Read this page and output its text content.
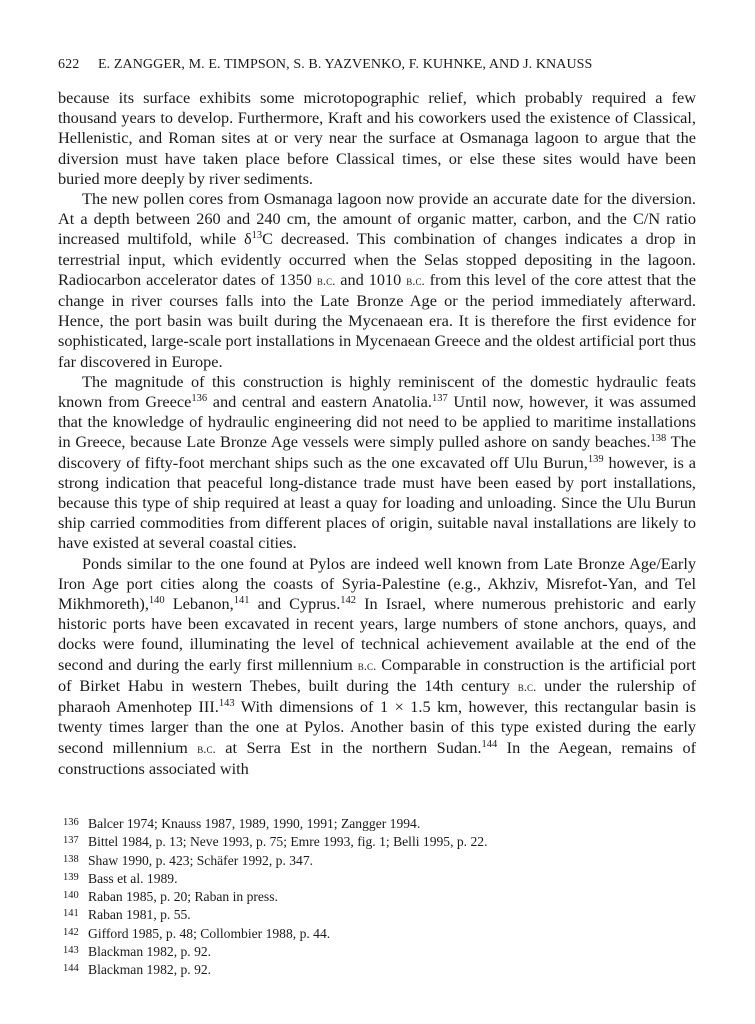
622 E. ZANGGER, M. E. TIMPSON, S. B. YAZVENKO, F. KUHNKE, AND J. KNAUSS

because its surface exhibits some microtopographic relief, which probably required a few thousand years to develop. Furthermore, Kraft and his coworkers used the existence of Classical, Hellenistic, and Roman sites at or very near the surface at Osmanaga lagoon to argue that the diversion must have taken place before Classical times, or else these sites would have been buried more deeply by river sediments.

The new pollen cores from Osmanaga lagoon now provide an accurate date for the diversion. At a depth between 260 and 240 cm, the amount of organic matter, carbon, and the C/N ratio increased multifold, while $\delta^{13}C$ decreased. This combination of changes indicates a drop in terrestrial input, which evidently occurred when the Selas stopped depositing in the lagoon. Radiocarbon accelerator dates of 1350 b.c. and 1010 b.c. from this level of the core attest that the change in river courses falls into the Late Bronze Age or the period immediately afterward. Hence, the port basin was built during the Mycenaean era. It is therefore the first evidence for sophisticated, large-scale port installations in Mycenaean Greece and the oldest artificial port thus far discovered in Europe.

The magnitude of this construction is highly reminiscent of the domestic hydraulic feats known from Greece$^{136}$ and central and eastern Anatolia.$^{137}$ Until now, however, it was assumed that the knowledge of hydraulic engineering did not need to be applied to maritime installations in Greece, because Late Bronze Age vessels were simply pulled ashore on sandy beaches.$^{138}$ The discovery of fifty-foot merchant ships such as the one excavated off Ulu Burun,$^{139}$ however, is a strong indication that peaceful long-distance trade must have been eased by port installations, because this type of ship required at least a quay for loading and unloading. Since the Ulu Burun ship carried commodities from different places of origin, suitable naval installations are likely to have existed at several coastal cities.

Ponds similar to the one found at Pylos are indeed well known from Late Bronze Age/Early Iron Age port cities along the coasts of Syria-Palestine (e.g., Akhziv, Misrefot-Yan, and Tel Mikhmoreth),$^{140}$ Lebanon,$^{141}$ and Cyprus.$^{142}$ In Israel, where numerous prehistoric and early historic ports have been excavated in recent years, large numbers of stone anchors, quays, and docks were found, illuminating the level of technical achievement available at the end of the second and during the early first millennium b.c. Comparable in construction is the artificial port of Birket Habu in western Thebes, built during the 14th century b.c. under the rulership of pharaoh Amenhotep III.$^{143}$ With dimensions of 1 × 1.5 km, however, this rectangular basin is twenty times larger than the one at Pylos. Another basin of this type existed during the early second millennium b.c. at Serra Est in the northern Sudan.$^{144}$ In the Aegean, remains of constructions associated with

136 Balcer 1974; Knauss 1987, 1989, 1990, 1991; Zangger 1994.
137 Bittel 1984, p. 13; Neve 1993, p. 75; Emre 1993, fig. 1; Belli 1995, p. 22.
138 Shaw 1990, p. 423; Schäfer 1992, p. 347.
139 Bass et al. 1989.
140 Raban 1985, p. 20; Raban in press.
141 Raban 1981, p. 55.
142 Gifford 1985, p. 48; Collombier 1988, p. 44.
143 Blackman 1982, p. 92.
144 Blackman 1982, p. 92.
